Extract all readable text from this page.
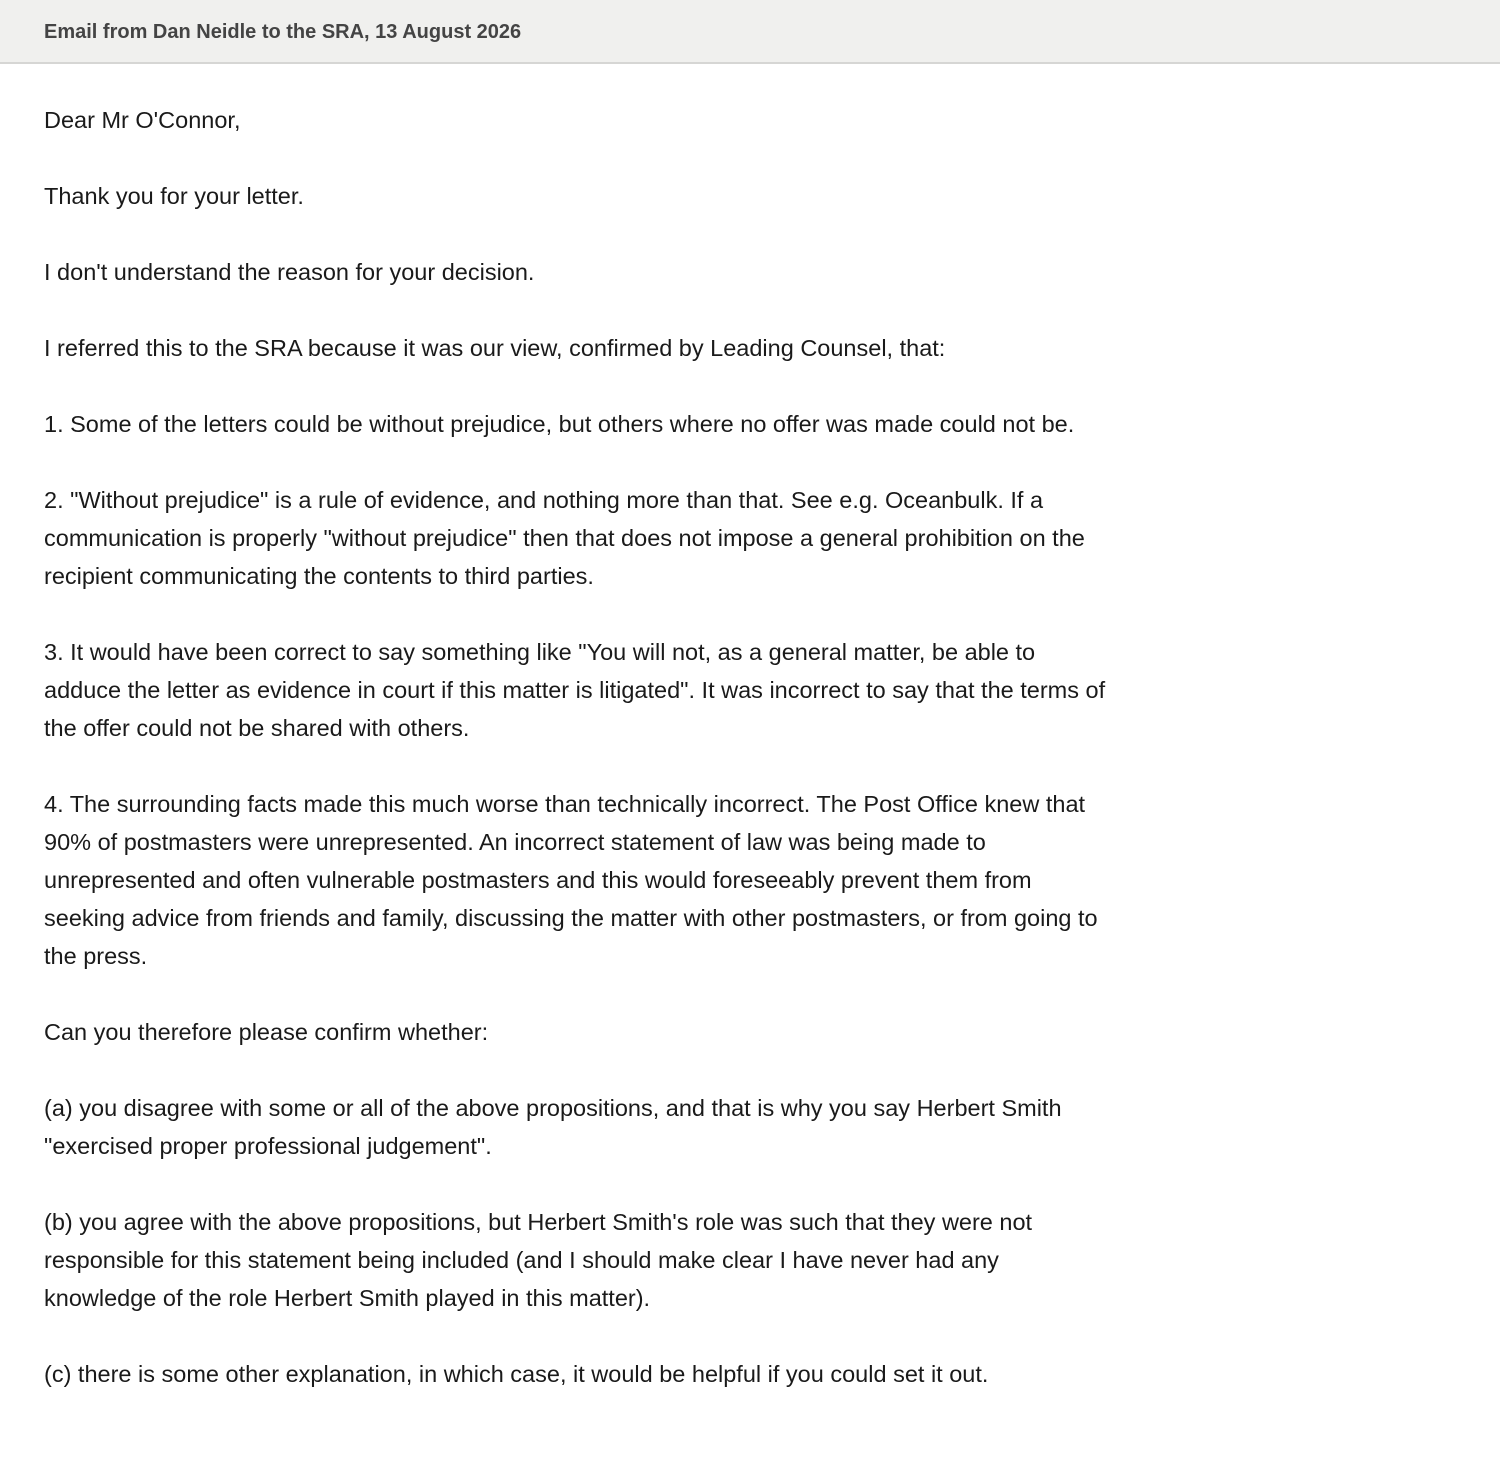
Email from Dan Neidle to the SRA, 13 August 2026

Dear Mr O'Connor,

Thank you for your letter.

I don't understand the reason for your decision.

I referred this to the SRA because it was our view, confirmed by Leading Counsel, that:

1. Some of the letters could be without prejudice, but others where no offer was made could not be.

2. "Without prejudice" is a rule of evidence, and nothing more than that. See e.g. Oceanbulk. If a communication is properly "without prejudice" then that does not impose a general prohibition on the recipient communicating the contents to third parties.

3. It would have been correct to say something like "You will not, as a general matter, be able to adduce the letter as evidence in court if this matter is litigated". It was incorrect to say that the terms of the offer could not be shared with others.

4. The surrounding facts made this much worse than technically incorrect. The Post Office knew that 90% of postmasters were unrepresented. An incorrect statement of law was being made to unrepresented and often vulnerable postmasters and this would foreseeably prevent them from seeking advice from friends and family, discussing the matter with other postmasters, or from going to the press.

Can you therefore please confirm whether:

(a) you disagree with some or all of the above propositions, and that is why you say Herbert Smith "exercised proper professional judgement".

(b) you agree with the above propositions, but Herbert Smith's role was such that they were not responsible for this statement being included (and I should make clear I have never had any knowledge of the role Herbert Smith played in this matter).

(c) there is some other explanation, in which case, it would be helpful if you could set it out.
